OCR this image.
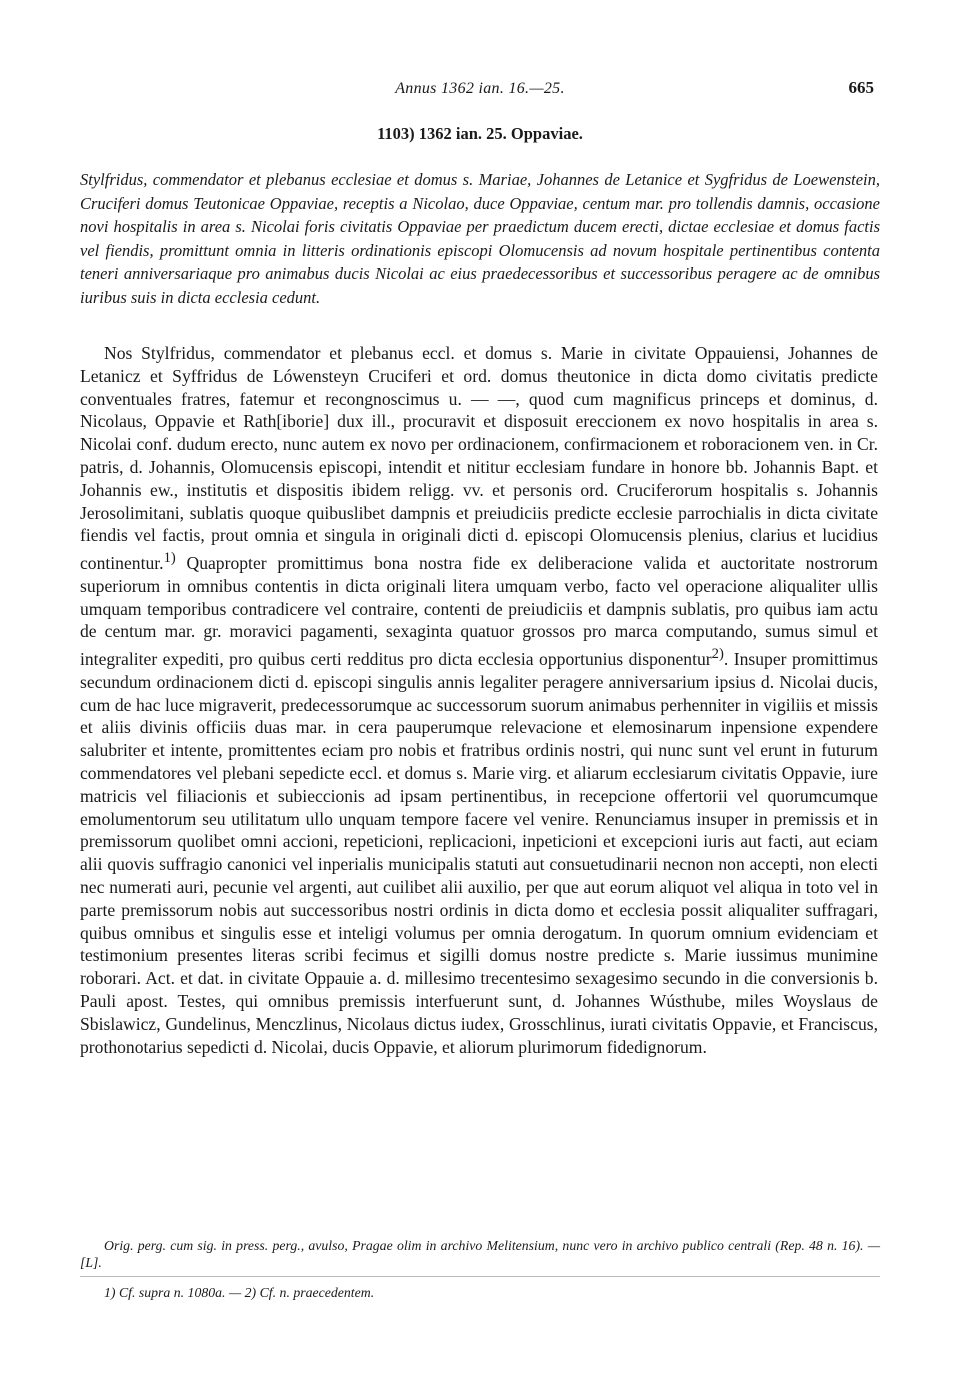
Annus 1362 ian. 16.—25.	665
1103) 1362 ian. 25. Oppaviae.

Stylfridus, commendator et plebanus ecclesiae et domus s. Mariae, Johannes de Letanice et Sygfridus de Loewenstein, Cruciferi domus Teutonicae Oppaviae, receptis a Nicolao, duce Oppaviae, centum mar. pro tollendis damnis, occasione novi hospitalis in area s. Nicolai foris civitatis Oppaviae per praedictum ducem erecti, dictae ecclesiae et domus factis vel fiendis, promittunt omnia in litteris ordinationis episcopi Olomucensis ad novum hospitale pertinentibus contenta teneri anniversariaque pro animabus ducis Nicolai ac eius praedecessoribus et successoribus peragere ac de omnibus iuribus suis in dicta ecclesia cedunt.

Nos Stylfridus, commendator et plebanus eccl. et domus s. Marie in civitate Oppauiensi, Johannes de Letanicz et Syffridus de Lówensteyn Cruciferi et ord. domus theutonice in dicta domo civitatis predicte conventuales fratres, fatemur et recongnoscimus u. — —, quod cum magnificus princeps et dominus, d. Nicolaus, Oppavie et Rath[iborie] dux ill., procuravit et disposuit ereccionem ex novo hospitalis in area s. Nicolai conf. dudum erecto, nunc autem ex novo per ordinacionem, confirmacionem et roboracionem ven. in Cr. patris, d. Johannis, Olomucensis episcopi, intendit et nititur ecclesiam fundare in honore bb. Johannis Bapt. et Johannis ew., institutis et dispositis ibidem religg. vv. et personis ord. Cruciferorum hospitalis s. Johannis Jerosolimitani, sublatis quoque quibuslibet dampnis et preiudiciis predicte ecclesie parrochialis in dicta civitate fiendis vel factis, prout omnia et singula in originali dicti d. episcopi Olomucensis plenius, clarius et lucidius continentur.$^{1)}$ Quapropter promittimus bona nostra fide ex deliberacione valida et auctoritate nostrorum superiorum in omnibus contentis in dicta originali litera umquam verbo, facto vel operacione aliqualiter ullis umquam temporibus contradicere vel contraire, contenti de preiudiciis et dampnis sublatis, pro quibus iam actu de centum mar. gr. moravici pagamenti, sexaginta quatuor grossos pro marca computando, sumus simul et integraliter expediti, pro quibus certi redditus pro dicta ecclesia opportunius disponentur$^{2)}$. Insuper promittimus secundum ordinacionem dicti d. episcopi singulis annis legaliter peragere anniversarium ipsius d. Nicolai ducis, cum de hac luce migraverit, predecessorumque ac successorum suorum animabus perhenniter in vigiliis et missis et aliis divinis officiis duas mar. in cera pauperumque relevacione et elemosinarum inpensione expendere salubriter et intente, promittentes eciam pro nobis et fratribus ordinis nostri, qui nunc sunt vel erunt in futurum commendatores vel plebani sepedicte eccl. et domus s. Marie virg. et aliarum ecclesiarum civitatis Oppavie, iure matricis vel filiacionis et subieccionis ad ipsam pertinentibus, in recepcione offertorii vel quorumcumque emolumentorum seu utilitatum ullo unquam tempore facere vel venire. Renunciamus insuper in premissis et in premissorum quolibet omni accioni, repeticioni, replicacioni, inpeticioni et excepcioni iuris aut facti, aut eciam alii quovis suffragio canonici vel inperialis municipalis statuti aut consuetudinarii necnon non accepti, non electi nec numerati auri, pecunie vel argenti, aut cuilibet alii auxilio, per que aut eorum aliquot vel aliqua in toto vel in parte premissorum nobis aut successoribus nostri ordinis in dicta domo et ecclesia possit aliqualiter suffragari, quibus omnibus et singulis esse et inteligi volumus per omnia derogatum. In quorum omnium evidenciam et testimonium presentes literas scribi fecimus et sigilli domus nostre predicte s. Marie iussimus munimine roborari. Act. et dat. in civitate Oppauie a. d. millesimo trecentesimo sexagesimo secundo in die conversionis b. Pauli apost. Testes, qui omnibus premissis interfuerunt sunt, d. Johannes Wústhube, miles Woyslaus de Sbislawicz, Gundelinus, Menczlinus, Nicolaus dictus iudex, Grosschlinus, iurati civitatis Oppavie, et Franciscus, prothonotarius sepedicti d. Nicolai, ducis Oppavie, et aliorum plurimorum fidedignorum.

Orig. perg. cum sig. in press. perg., avulso, Pragae olim in archivo Melitensium, nunc vero in archivo publico centrali (Rep. 48 n. 16). — [L].

1) Cf. supra n. 1080a. — 2) Cf. n. praecedentem.
